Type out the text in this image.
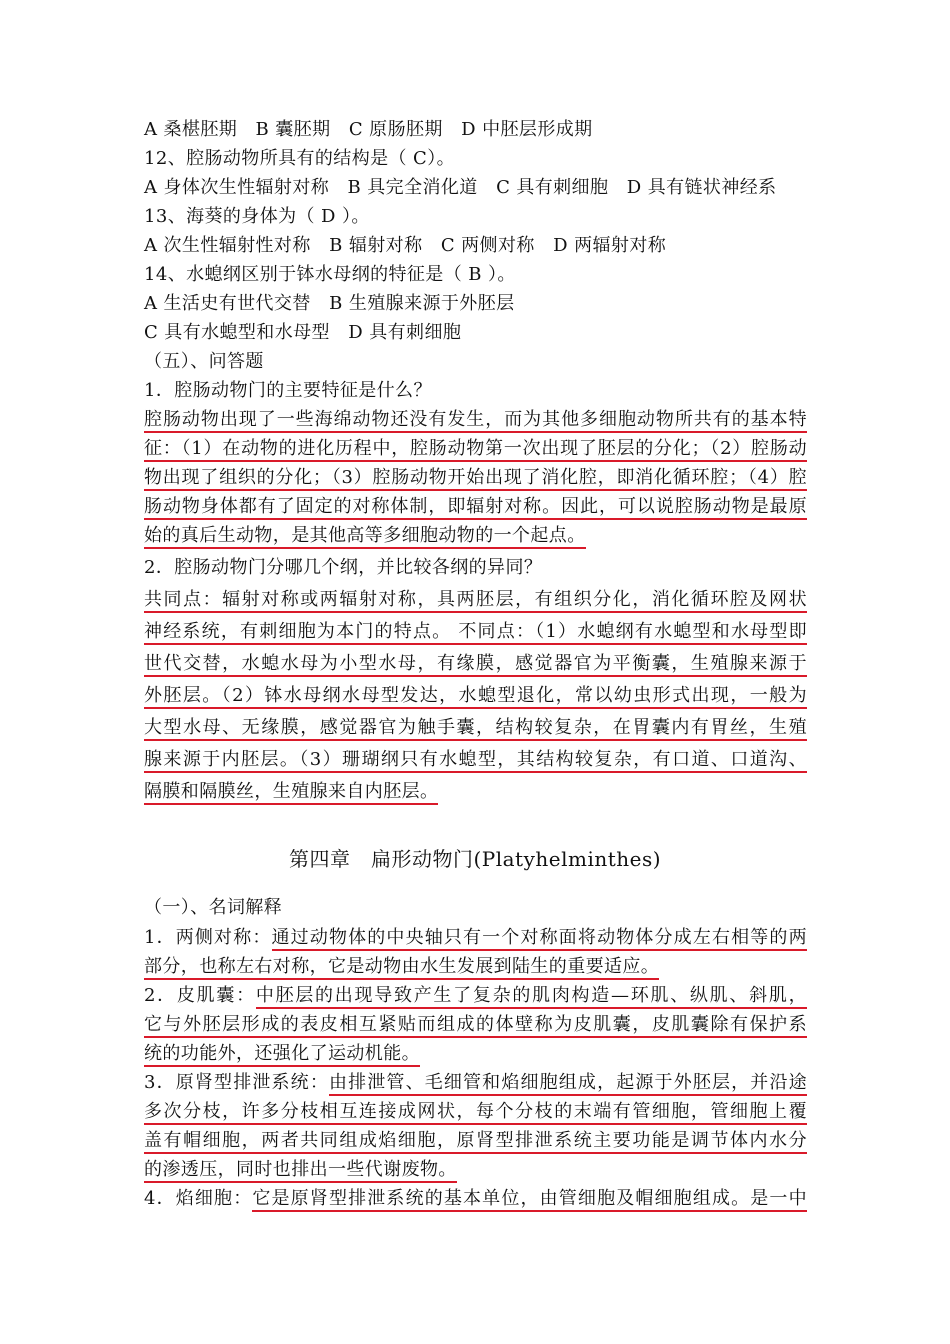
A 桑椹胚期　B 囊胚期　C 原肠胚期　D 中胚层形成期
12、腔肠动物所具有的结构是（ C）。
A 身体次生性辐射对称　B 具完全消化道　C 具有刺细胞　D 具有链状神经系
13、海葵的身体为（ D ）。
A 次生性辐射性对称　B 辐射对称　C 两侧对称　D 两辐射对称
14、水螅纲区别于钵水母纲的特征是（ B ）。
A 生活史有世代交替　B 生殖腺来源于外胚层
C 具有水螅型和水母型　D 具有刺细胞
（五）、问答题
1．腔肠动物门的主要特征是什么？
腔肠动物出现了一些海绵动物还没有发生，而为其他多细胞动物所共有的基本特
征：（1）在动物的进化历程中，腔肠动物第一次出现了胚层的分化；（2）腔肠动
物出现了组织的分化；（3）腔肠动物开始出现了消化腔，即消化循环腔；（4）腔
肠动物身体都有了固定的对称体制，即辐射对称。因此，可以说腔肠动物是最原
始的真后生动物，是其他高等多细胞动物的一个起点。
2．腔肠动物门分哪几个纲，并比较各纲的异同？
共同点：辐射对称或两辐射对称，具两胚层，有组织分化，消化循环腔及网状
神经系统，有刺细胞为本门的特点。 不同点：（1）水螅纲有水螅型和水母型即
世代交替，水螅水母为小型水母，有缘膜，感觉器官为平衡囊，生殖腺来源于
外胚层。（2）钵水母纲水母型发达，水螅型退化，常以幼虫形式出现，一般为
大型水母、无缘膜，感觉器官为触手囊，结构较复杂，在胃囊内有胃丝，生殖
腺来源于内胚层。（3）珊瑚纲只有水螅型，其结构较复杂，有口道、口道沟、
隔膜和隔膜丝，生殖腺来自内胚层。
第四章　扁形动物门(Platyhelminthes)
（一）、名词解释
1．两侧对称：通过动物体的中央轴只有一个对称面将动物体分成左右相等的两
部分，也称左右对称，它是动物由水生发展到陆生的重要适应。
2．皮肌囊：中胚层的出现导致产生了复杂的肌肉构造—环肌、纵肌、斜肌，
它与外胚层形成的表皮相互紧贴而组成的体壁称为皮肌囊，皮肌囊除有保护系
统的功能外，还强化了运动机能。
3．原肾型排泄系统：由排泄管、毛细管和焰细胞组成，起源于外胚层，并沿途
多次分枝，许多分枝相互连接成网状，每个分枝的末端有管细胞，管细胞上覆
盖有帽细胞，两者共同组成焰细胞，原肾型排泄系统主要功能是调节体内水分
的渗透压，同时也排出一些代谢废物。
4．焰细胞：它是原肾型排泄系统的基本单位，由管细胞及帽细胞组成。是一中
